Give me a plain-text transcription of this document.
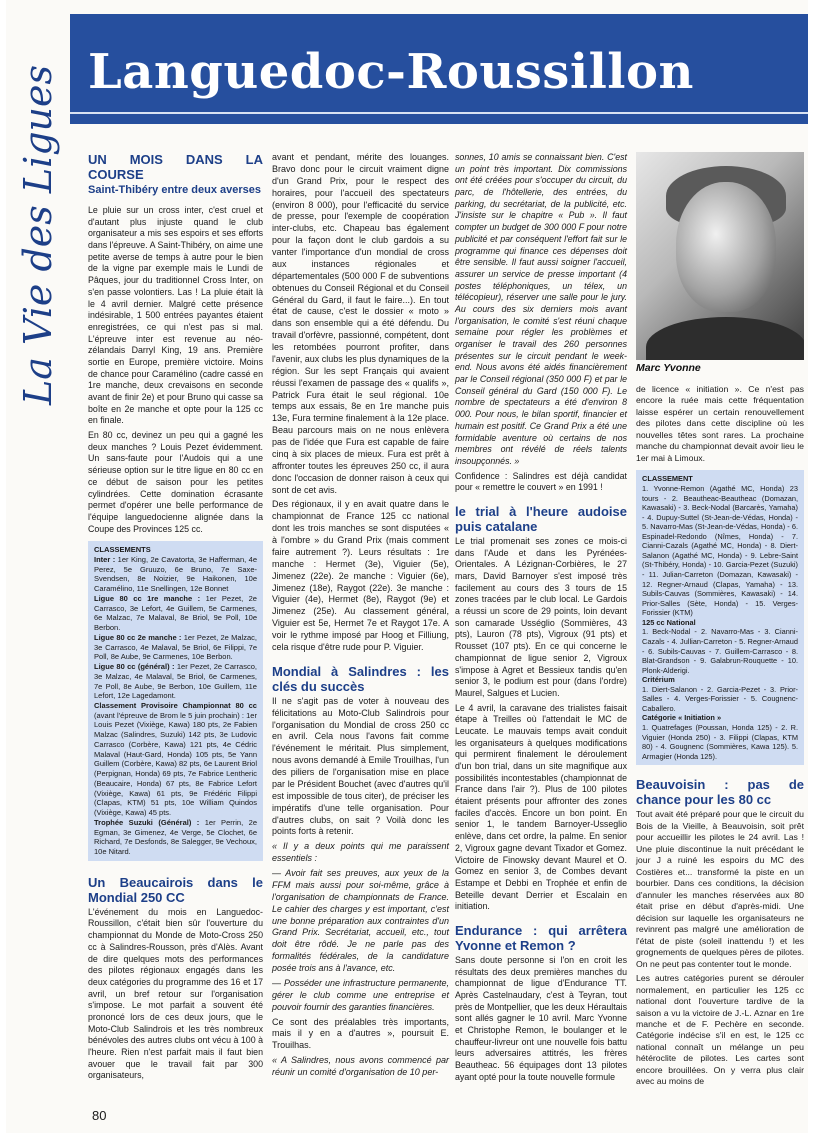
Languedoc-Roussillon
La Vie des Ligues UN MOIS DANS LA COURSE
Saint-Thibéry entre deux averses

Le pluie sur un cross inter, c'est cruel et d'autant plus injuste quand le club organisateur a mis ses espoirs et ses efforts dans l'épreuve. A Saint-Thibéry, on aime une petite averse de temps à autre pour le bien de la vigne par exemple mais le Lundi de Pâques, jour du traditionnel Cross Inter, on s'en passe volontiers. Las ! La pluie était là le 4 avril dernier. Malgré cette présence indésirable, 1 500 entrées payantes étaient enregistrées, ce qui n'est pas si mal. L'épreuve inter est revenue au néo-zélandais Darryl King, 19 ans. Première sortie en Europe, première victoire. Moins de chance pour Caramélino (cadre cassé en 1re manche, deux crevaisons en seconde avant de finir 2e) et pour Bruno qui casse sa boîte en 2e manche et opte pour la 125 cc en finale.

En 80 cc, devinez un peu qui a gagné les deux manches ? Louis Pezet évidemment. Un sans-faute pour l'Audois qui a une sérieuse option sur le titre ligue en 80 cc en ce début de saison pour les petites cylindrées. Cette domination écrasante permet d'opérer une belle performance de l'équipe languedocienne alignée dans la Coupe des Provinces 125 cc.

CLASSEMENTS
Inter : 1er King, 2e Cavatorta, 3e Hafferman, 4e Perez, 5e Gruuzo, 6e Bruno, 7e Saxe-Svendsen, 8e Noizier, 9e Haikonen, 10e Caramélino, 11e Snellingen, 12e Bonnet
Ligue 80 cc 1re manche : 1er Pezet, 2e Carrasco, 3e Lefort, 4e Guillem, 5e Carmenes, 6e Malzac, 7e Malaval, 8e Briol, 9e Poll, 10e Berbon.
Ligue 80 cc 2e manche : 1er Pezet, 2e Malzac, 3e Carrasco, 4e Malaval, 5e Briol, 6e Filippi, 7e Poll, 8e Aube, 9e Carmenes, 10e Berbon.
Ligue 80 cc (général) : 1er Pezet, 2e Carrasco, 3e Malzac, 4e Malaval, 5e Briol, 6e Carmenes, 7e Poll, 8e Aube, 9e Berbon, 10e Guillem, 11e Lefort, 12e Lagedamont.
Classement Provisoire Championnat 80 cc (avant l'épreuve de Brom le 5 juin prochain) : 1er Louis Pezet (Vixiège, Kawa) 180 pts, 2e Fabien Malzac (Salindres, Suzuki) 142 pts, 3e Ludovic Carrasco (Corbère, Kawa) 121 pts, 4e Cédric Malaval (Haut-Gard, Honda) 105 pts, 5e Yann Guillem (Corbère, Kawa) 82 pts, 6e Laurent Briol (Perpignan, Honda) 69 pts, 7e Fabrice Lentheric (Beaucaire, Honda) 67 pts, 8e Fabrice Lefort (Vixiège, Kawa) 61 pts, 9e Frédéric Filippi (Clapas, KTM) 51 pts, 10e William Quindos (Vixiège, Kawa) 45 pts.
Trophée Suzuki (Général) : 1er Perrin, 2e Egman, 3e Gimenez, 4e Verge, 5e Clochet, 6e Richard, 7e Desfonds, 8e Salegger, 9e Vechoux, 10e Nitard.
Un Beaucairois dans le Mondial 250 CC

L'événement du mois en Languedoc-Roussillon, c'était bien sûr l'ouverture du championnat du Monde de Moto-Cross 250 cc à Salindres-Rousson, près d'Alès. Avant de dire quelques mots des performances des pilotes régionaux engagés dans les deux catégories du programme des 16 et 17 avril, un bref retour sur l'organisation s'impose. Le mot parfait a souvent été prononcé lors de ces deux jours, que le Moto-Club Salindrois et les très nombreux bénévoles des autres clubs ont vécu à 100 à l'heure. Rien n'est parfait mais il faut bien avouer que le travail fait par 300 organisateurs,

avant et pendant, mérite des louanges. Bravo donc pour le circuit vraiment digne d'un Grand Prix, pour le respect des horaires, pour l'accueil des spectateurs (environ 8 000), pour l'efficacité du service de presse, pour l'exemple de coopération inter-clubs, etc. Chapeau bas également pour la façon dont le club gardois a su vanter l'importance d'un mondial de cross aux instances régionales et départementales (500 000 F de subventions obtenues du Conseil Régional et du Conseil Général du Gard, il faut le faire...). En tout état de cause, c'est le dossier « moto » dans son ensemble qui a été défendu. Du travail d'orfèvre, passionné, compétent, dont les retombées pourront profiter, dans l'avenir, aux clubs les plus dynamiques de la région. Sur les sept Français qui avaient réussi l'examen de passage des « qualifs », Patrick Fura était le seul régional. 10e temps aux essais, 8e en 1re manche puis 13e, Fura termine finalement à la 12e place. Beau parcours mais on ne nous enlèvera pas de l'idée que Fura est capable de faire cinq à six places de mieux. Fura est prêt à affronter toutes les épreuves 250 cc, il aura donc l'occasion de donner raison à ceux qui sont de cet avis.

Des régionaux, il y en avait quatre dans le championnat de France 125 cc national dont les trois manches se sont disputées « à l'ombre » du Grand Prix (mais comment faire autrement ?). Leurs résultats : 1re manche : Hermet (3e), Viguier (5e), Jimenez (22e). 2e manche : Viguier (6e), Jimenez (18e), Raygot (22e). 3e manche : Viguier (4e), Hermet (8e), Raygot (9e) et Jimenez (25e). Au classement général, Viguier est 5e, Hermet 7e et Raygot 17e. A voir le rythme imposé par Hoog et Filliung, cela risque d'être rude pour P. Viguier.

Mondial à Salindres : les clés du succès

Il ne s'agit pas de voter à nouveau des félicitations au Moto-Club Salindrois pour l'organisation du Mondial de cross 250 cc en avril. Cela nous l'avons fait comme l'événement le méritait. Plus simplement, nous avons demandé à Emile Trouilhas, l'un des piliers de l'organisation mise en place par le Président Bouchet (avec d'autres qu'il est impossible de tous citer), de préciser les impératifs d'une telle organisation. Pour d'autres clubs, on sait ? Voilà donc les points forts à retenir.

« Il y a deux points qui me paraissent essentiels :

— Avoir fait ses preuves, aux yeux de la FFM mais aussi pour soi-même, grâce à l'organisation de championnats de France. Le cahier des charges y est important, c'est une bonne préparation aux contraintes d'un Grand Prix. Secrétariat, accueil, etc., tout doit être rôdé. Je ne parle pas des formalités fédérales, de la candidature posée trois ans à l'avance, etc.

— Posséder une infrastructure permanente, gérer le club comme une entreprise et pouvoir fournir des garanties financières.

Ce sont des préalables très importants, mais il y en a d'autres », poursuit E. Trouilhas.

« A Salindres, nous avons commencé par réunir un comité d'organisation de 10 per-

sonnes, 10 amis se connaissant bien. C'est un point très important. Dix commissions ont été créées pour s'occuper du circuit, du parc, de l'hôtellerie, des entrées, du parking, du secrétariat, de la publicité, etc. J'insiste sur le chapitre « Pub ». Il faut compter un budget de 300 000 F pour notre publicité et par conséquent l'effort fait sur le programme qui finance ces dépenses doit être sensible. Il faut aussi soigner l'accueil, assurer un service de presse important (4 postes téléphoniques, un télex, un télécopieur), réserver une salle pour le jury. Au cours des six derniers mois avant l'organisation, le comité s'est réuni chaque semaine pour régler les problèmes et organiser le travail des 260 personnes présentes sur le circuit pendant le week-end. Nous avons été aidés financièrement par le Conseil régional (350 000 F) et par le Conseil général du Gard (150 000 F). Le nombre de spectateurs a été d'environ 8 000. Pour nous, le bilan sportif, financier et humain est positif. Ce Grand Prix a été une formidable aventure où certains de nos membres ont révélé de réels talents insoupçonnés. »

Confidence : Salindres est déjà candidat pour « remettre le couvert » en 1991 !

le trial à l'heure audoise puis catalane

Le trial promenait ses zones ce mois-ci dans l'Aude et dans les Pyrénées-Orientales. A Lézignan-Corbières, le 27 mars, David Barnoyer s'est imposé très facilement au cours des 3 tours de 15 zones tracées par le club local. Le Gardois a réussi un score de 29 points, loin devant son camarade Usséglio (Sommières, 43 pts), Lauron (78 pts), Vigroux (91 pts) et Rousset (107 pts). En ce qui concerne le championnat de ligue senior 2, Vigroux s'impose à Agret et Bessieux tandis qu'en senior 3, le podium est pour (dans l'ordre) Maurel, Salgues et Lucien.

Le 4 avril, la caravane des trialistes faisait étape à Treilles où l'attendait le MC de Leucate. Le mauvais temps avait conduit les organisateurs à quelques modifications qui permirent finalement le déroulement d'un bon trial, dans un site magnifique aux possibilités incontestables (championnat de France dans l'air ?). Plus de 100 pilotes étaient présents pour affronter des zones faciles d'accès. Encore un bon point. En senior 1, le tandem Barnoyer-Usseglio enlève, dans cet ordre, la palme. En senior 2, Vigroux gagne devant Tixador et Gomez. Victoire de Finowsky devant Maurel et O. Gomez en senior 3, de Combes devant Estampe et Debbi en Trophée et enfin de Beteille devant Derrier et Escalain en initiation.

Endurance : qui arrêtera Yvonne et Remon ?

Sans doute personne si l'on en croit les résultats des deux premières manches du championnat de ligue d'Endurance TT. Après Castelnaudary, c'est à Teyran, tout près de Montpellier, que les deux Héraultais sont allés gagner le 10 avril. Marc Yvonne et Christophe Remon, le boulanger et le chauffeur-livreur ont une nouvelle fois battu leurs adversaires attitrés, les frères Beautheac. 56 équipages dont 13 pilotes ayant opté pour la toute nouvelle formule

Marc Yvonne

de licence « initiation ». Ce n'est pas encore la ruée mais cette fréquentation laisse espérer un certain renouvellement des pilotes dans cette discipline où les nouvelles têtes sont rares. La prochaine manche du championnat devait avoir lieu le 1er mai à Limoux.

CLASSEMENT
1. Yvonne-Remon (Agathé MC, Honda) 23 tours - 2. Beautheac-Beautheac (Domazan, Kawasaki) - 3. Beck-Nodal (Barcarès, Yamaha) - 4. Dupuy-Suttel (St-Jean-de-Védas, Honda) - 5. Navarro-Mas (St-Jean-de-Védas, Honda) - 6. Espinadel-Redondo (Nîmes, Honda) - 7. Cianni-Cazals (Agathé MC, Honda) - 8. Diert-Salanon (Agathé MC, Honda) - 9. Lebre-Saint (St-Thibéry, Honda) - 10. Garcia-Pezet (Suzuki) - 11. Julian-Carreton (Domazan, Kawasaki) - 12. Regner-Arnaud (Clapas, Yamaha) - 13. Subils-Cauvas (Sommières, Kawasaki) - 14. Prior-Salles (Sète, Honda) - 15. Verges-Forissier (KTM)
125 cc National
1. Beck-Nodal - 2. Navarro-Mas - 3. Cianni-Cazals - 4. Jullian-Carreton - 5. Regner-Arnaud - 6. Subils-Cauvas - 7. Guillem-Carrasco - 8. Blat-Grandson - 9. Galabrun-Rouquette - 10. Plonk-Alderigi.
Critérium
1. Diert-Salanon - 2. Garcia-Pezet - 3. Prior-Salles - 4. Verges-Forissier - 5. Cougnenc-Caballero.
Catégorie « Initiation »
1. Quatrefages (Poussan, Honda 125) - 2. R. Viguier (Honda 250) - 3. Filippi (Clapas, KTM 80) - 4. Gougnenc (Sommières, Kawa 125). 5. Armagier (Honda 125).
Beauvoisin : pas de chance pour les 80 cc

Tout avait été préparé pour que le circuit du Bois de la Vieille, à Beauvoisin, soit prêt pour accueillir les pilotes le 24 avril. Las ! Une pluie discontinue la nuit précédant le jour J a ruiné les espoirs du MC des Costières et... transformé la piste en un bourbier. Dans ces conditions, la décision d'annuler les manches réservées aux 80 était prise en début d'après-midi. Une décision sur laquelle les organisateurs ne revinrent pas malgré une amélioration de l'état de piste (soleil inattendu !) et les grognements de quelques pères de pilotes. On ne peut pas contenter tout le monde.

Les autres catégories purent se dérouler normalement, en particulier les 125 cc national dont l'ouverture tardive de la saison a vu la victoire de J.-L. Aznar en 1re manche et de F. Pechère en seconde. Catégorie indécise s'il en est, le 125 cc national connaît un mélange un peu hétéroclite de pilotes. Les cartes sont encore brouillées. On y verra plus clair avec au moins de

80
